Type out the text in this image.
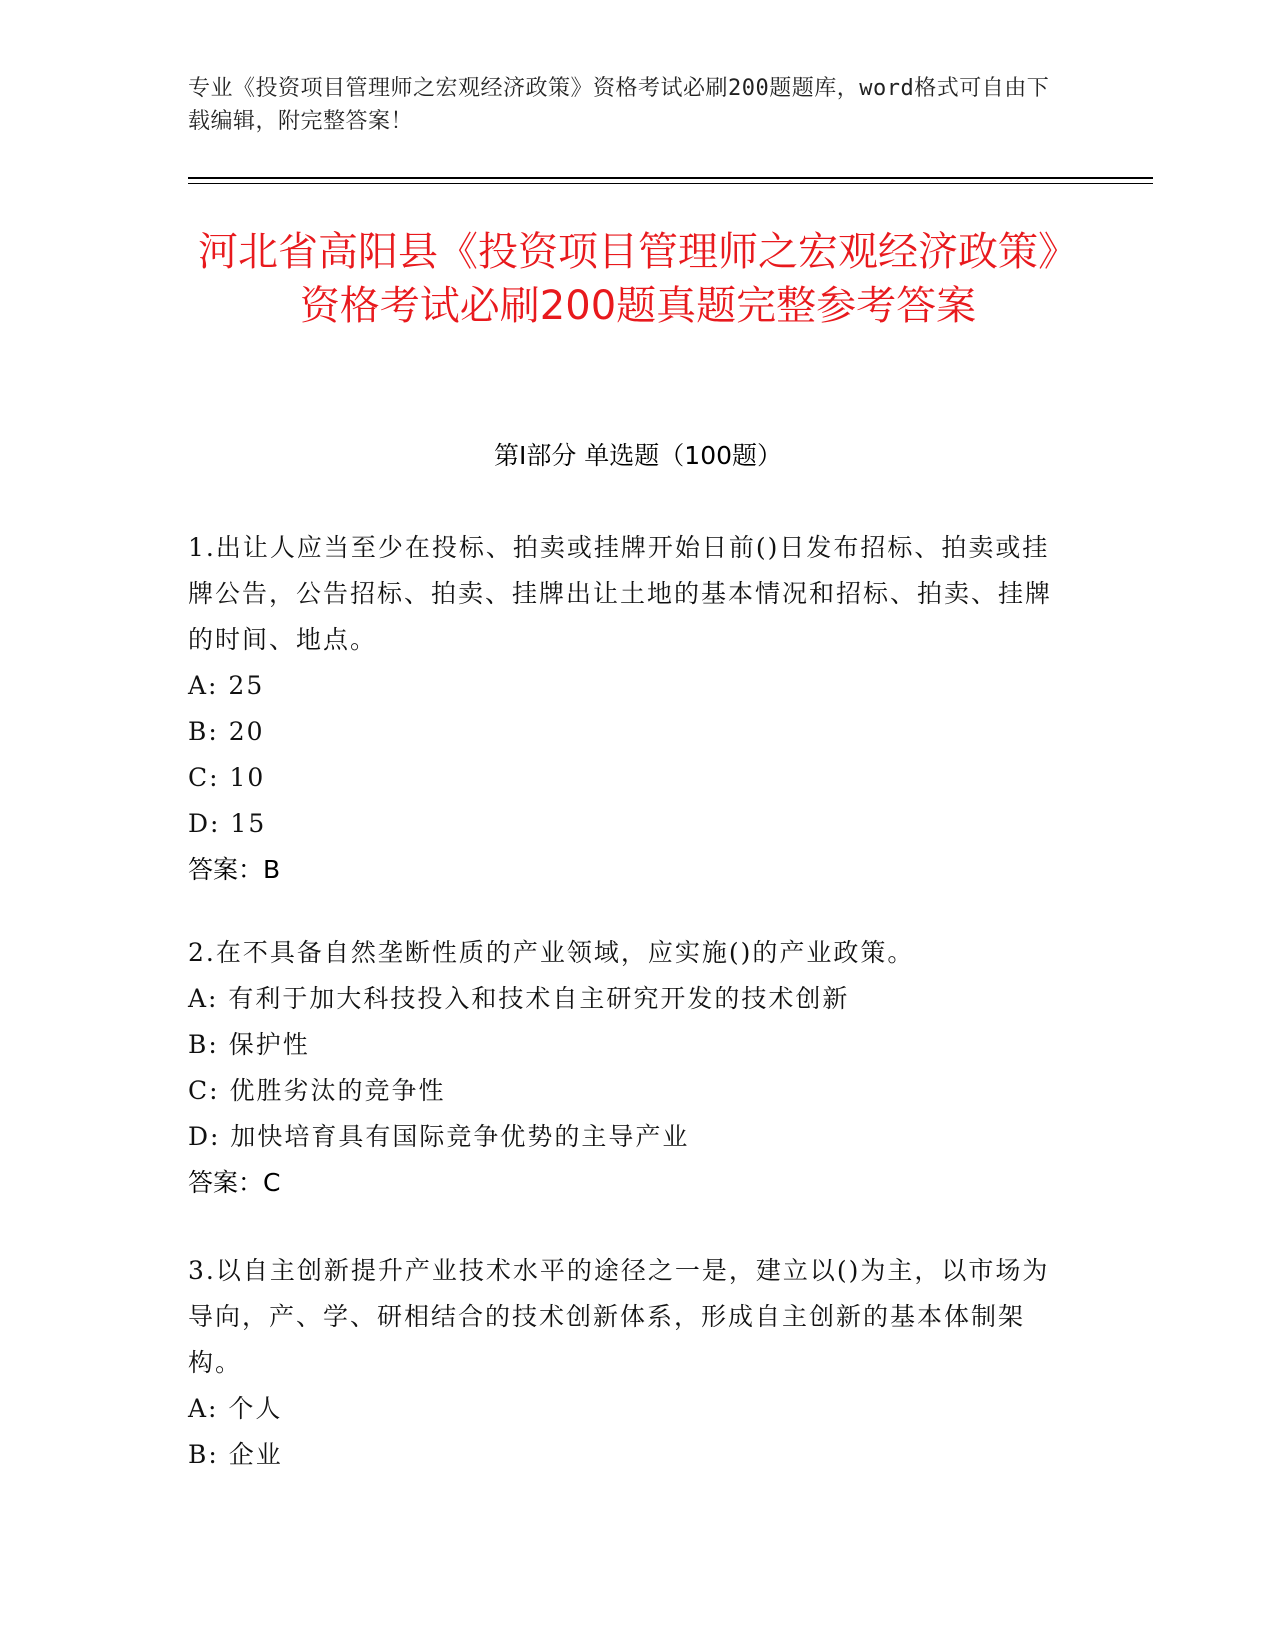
专业《投资项目管理师之宏观经济政策》资格考试必刷200题题库，word格式可自由下载编辑，附完整答案！
河北省高阳县《投资项目管理师之宏观经济政策》资格考试必刷200题真题完整参考答案
第I部分 单选题（100题）

1.出让人应当至少在投标、拍卖或挂牌开始日前()日发布招标、拍卖或挂牌公告，公告招标、拍卖、挂牌出让土地的基本情况和招标、拍卖、挂牌的时间、地点。

A: 25

B: 20

C: 10

D: 15

答案：B

2.在不具备自然垄断性质的产业领域，应实施()的产业政策。

A: 有利于加大科技投入和技术自主研究开发的技术创新

B: 保护性

C: 优胜劣汰的竞争性

D: 加快培育具有国际竞争优势的主导产业

答案：C

3.以自主创新提升产业技术水平的途径之一是，建立以()为主，以市场为导向，产、学、研相结合的技术创新体系，形成自主创新的基本体制架构。

A: 个人

B: 企业
